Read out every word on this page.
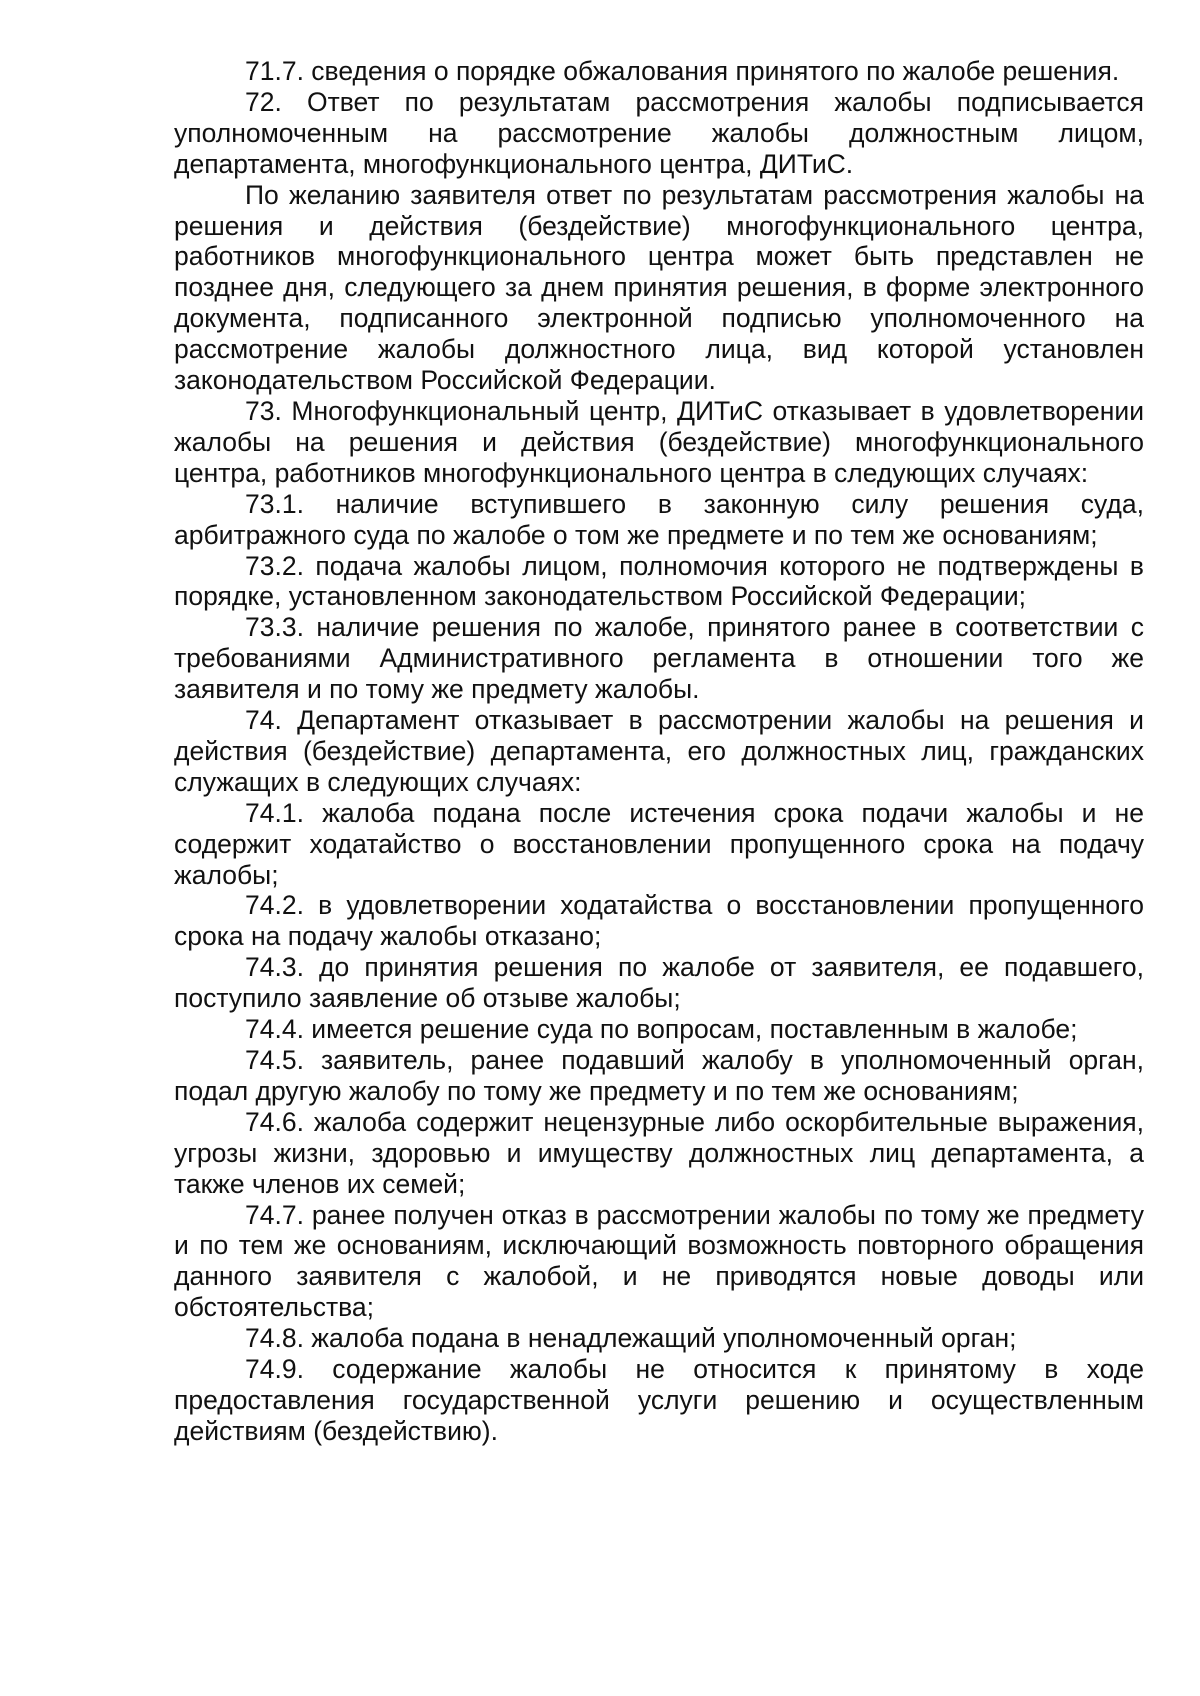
71.7. сведения о порядке обжалования принятого по жалобе решения.

72. Ответ по результатам рассмотрения жалобы подписывается уполномоченным на рассмотрение жалобы должностным лицом, департамента, многофункционального центра, ДИТиС.

По желанию заявителя ответ по результатам рассмотрения жалобы на решения и действия (бездействие) многофункционального центра, работников многофункционального центра может быть представлен не позднее дня, следующего за днем принятия решения, в форме электронного документа, подписанного электронной подписью уполномоченного на рассмотрение жалобы должностного лица, вид которой установлен законодательством Российской Федерации.

73. Многофункциональный центр, ДИТиС отказывает в удовлетворении жалобы на решения и действия (бездействие) многофункционального центра, работников многофункционального центра в следующих случаях:

73.1. наличие вступившего в законную силу решения суда, арбитражного суда по жалобе о том же предмете и по тем же основаниям;

73.2. подача жалобы лицом, полномочия которого не подтверждены в порядке, установленном законодательством Российской Федерации;

73.3. наличие решения по жалобе, принятого ранее в соответствии с требованиями Административного регламента в отношении того же заявителя и по тому же предмету жалобы.

74. Департамент отказывает в рассмотрении жалобы на решения и действия (бездействие) департамента, его должностных лиц, гражданских служащих в следующих случаях:

74.1. жалоба подана после истечения срока подачи жалобы и не содержит ходатайство о восстановлении пропущенного срока на подачу жалобы;

74.2. в удовлетворении ходатайства о восстановлении пропущенного срока на подачу жалобы отказано;

74.3. до принятия решения по жалобе от заявителя, ее подавшего, поступило заявление об отзыве жалобы;

74.4. имеется решение суда по вопросам, поставленным в жалобе;

74.5. заявитель, ранее подавший жалобу в уполномоченный орган, подал другую жалобу по тому же предмету и по тем же основаниям;

74.6. жалоба содержит нецензурные либо оскорбительные выражения, угрозы жизни, здоровью и имуществу должностных лиц департамента, а также членов их семей;

74.7. ранее получен отказ в рассмотрении жалобы по тому же предмету и по тем же основаниям, исключающий возможность повторного обращения данного заявителя с жалобой, и не приводятся новые доводы или обстоятельства;

74.8. жалоба подана в ненадлежащий уполномоченный орган;

74.9. содержание жалобы не относится к принятому в ходе предоставления государственной услуги решению и осуществленным действиям (бездействию).
